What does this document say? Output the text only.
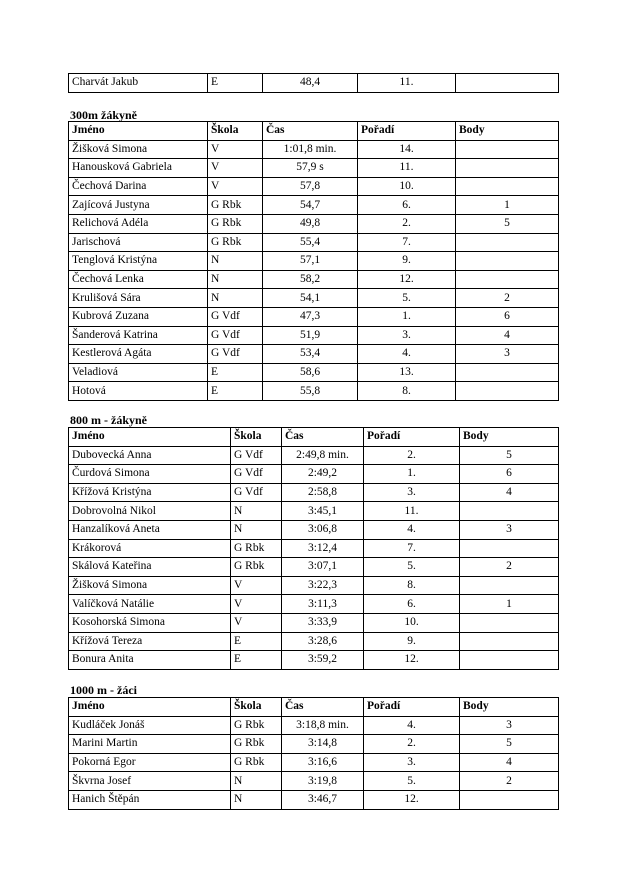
Charvát Jakub	E	48,4	11.	
300m žákyně
Jméno	Škola	Čas	Pořadí	Body
Žišková Simona	V	1:01,8 min.	14.	
Hanousková Gabriela	V	57,9 s	11.	
Čechová Darina	V	57,8	10.	
Zajícová Justyna	G Rbk	54,7	6.	1
Relichová Adéla	G Rbk	49,8	2.	5
Jarischová	G Rbk	55,4	7.	
Tenglová Kristýna	N	57,1	9.	
Čechová Lenka	N	58,2	12.	
Krulišová Sára	N	54,1	5.	2
Kubrová Zuzana	G Vdf	47,3	1.	6
Šanderová Katrina	G Vdf	51,9	3.	4
Kestlerová Agáta	G Vdf	53,4	4.	3
Veladiová	E	58,6	13.	
Hotová	E	55,8	8.	
800 m - žákyně
Jméno	Škola	Čas	Pořadí	Body
Dubovecká Anna	G Vdf	2:49,8 min.	2.	5
Čurdová Simona	G Vdf	2:49,2	1.	6
Křížová Kristýna	G Vdf	2:58,8	3.	4
Dobrovolná Nikol	N	3:45,1	11.	
Hanzalíková Aneta	N	3:06,8	4.	3
Krákorová	G Rbk	3:12,4	7.	
Skálová Kateřina	G Rbk	3:07,1	5.	2
Žišková Simona	V	3:22,3	8.	
Valíčková Natálie	V	3:11,3	6.	1
Kosohorská Simona	V	3:33,9	10.	
Křížová Tereza	E	3:28,6	9.	
Bonura Anita	E	3:59,2	12.	
1000 m - žáci
Jméno	Škola	Čas	Pořadí	Body
Kudláček Jonáš	G Rbk	3:18,8 min.	4.	3
Marini Martin	G Rbk	3:14,8	2.	5
Pokorná Egor	G Rbk	3:16,6	3.	4
Škvrna Josef	N	3:19,8	5.	2
Hanich Štěpán	N	3:46,7	12.	
